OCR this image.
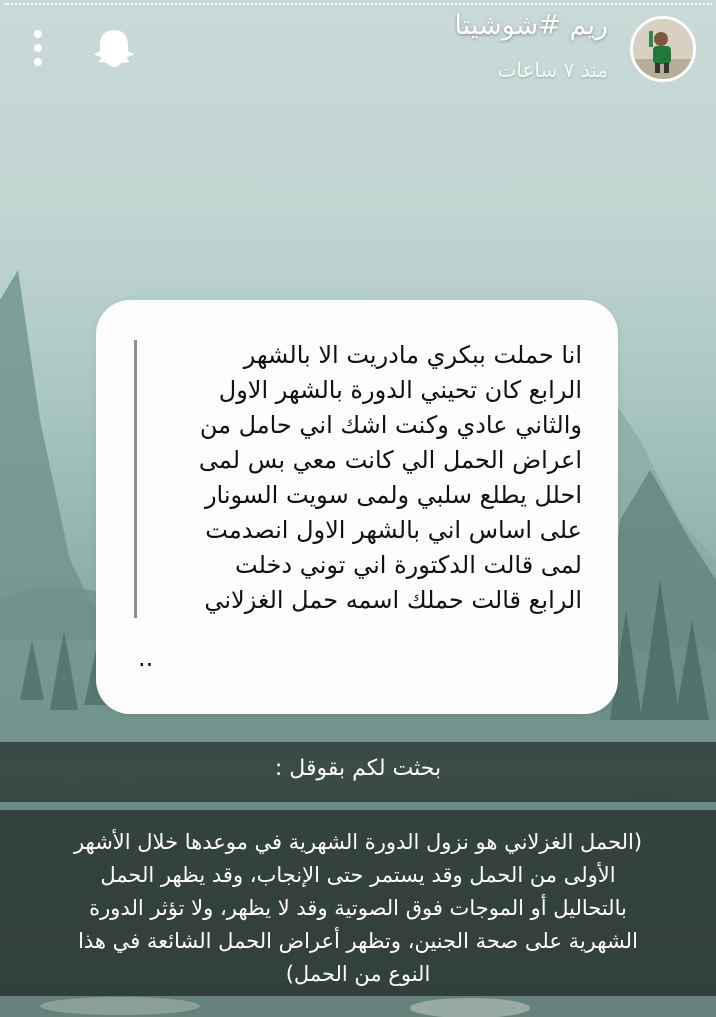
ريم #شوشيتا
منذ ٧ ساعات
انا حملت ببكري مادريت الا بالشهر
الرابع كان تحيني الدورة بالشهر الاول
والثاني عادي وكنت اشك اني حامل من
اعراض الحمل الي كانت معي بس لمى
احلل يطلع سلبي ولمى سويت السونار
على اساس اني بالشهر الاول انصدمت
لمى قالت الدكتورة اني توني دخلت
الرابع قالت حملك اسمه حمل الغزلاني
..
بحثت لكم بقوقل :
(الحمل الغزلاني هو نزول الدورة الشهرية في موعدها خلال الأشهر
الأولى من الحمل وقد يستمر حتى الإنجاب، وقد يظهر الحمل
بالتحاليل أو الموجات فوق الصوتية وقد لا يظهر، ولا تؤثر الدورة
الشهرية على صحة الجنين، وتظهر أعراض الحمل الشائعة في هذا
النوع من الحمل)
